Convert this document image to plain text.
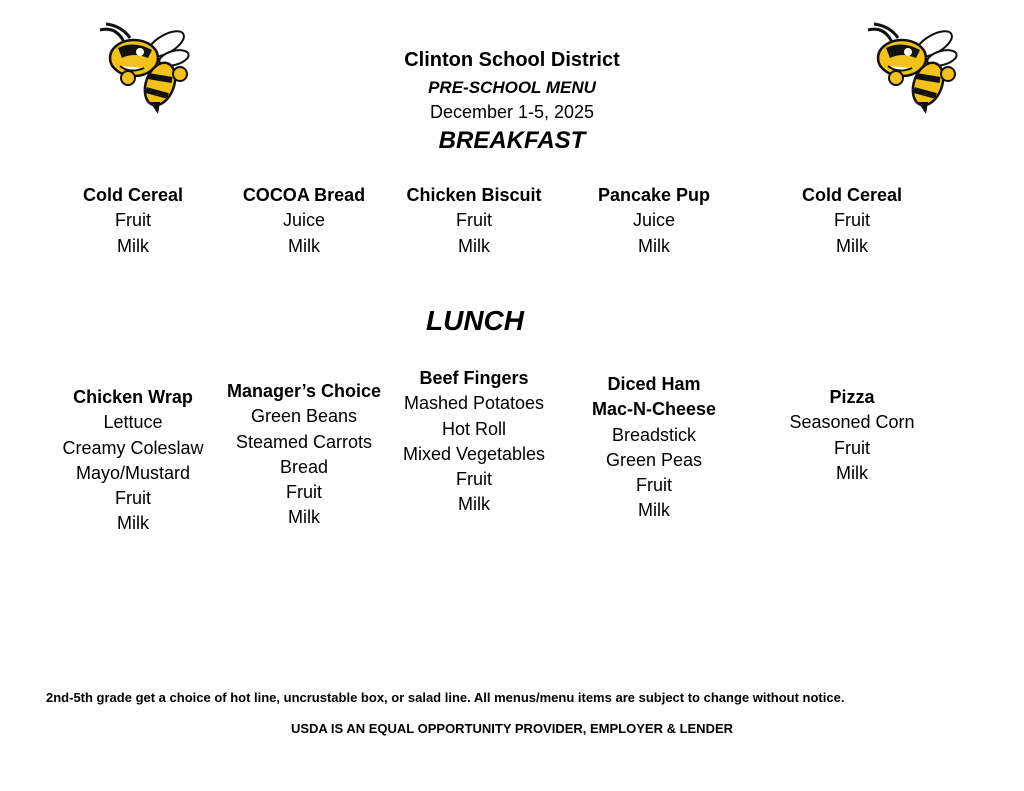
Clinton School District
PRE-SCHOOL MENU
December 1-5, 2025
BREAKFAST
Cold Cereal
Fruit
Milk
COCOA Bread
Juice
Milk
Chicken Biscuit
Fruit
Milk
Pancake Pup
Juice
Milk
Cold Cereal
Fruit
Milk
LUNCH
Chicken Wrap
Lettuce
Creamy Coleslaw
Mayo/Mustard
Fruit
Milk
Manager’s Choice
Green Beans
Steamed Carrots
Bread
Fruit
Milk
Beef Fingers
Mashed Potatoes
Hot Roll
Mixed Vegetables
Fruit
Milk
Diced Ham
Mac-N-Cheese
Breadstick
Green Peas
Fruit
Milk
Pizza
Seasoned Corn
Fruit
Milk
2nd-5th grade get a choice of hot line, uncrustable box, or salad line. All menus/menu items are subject to change without notice.
USDA IS AN EQUAL OPPORTUNITY PROVIDER, EMPLOYER & LENDER
